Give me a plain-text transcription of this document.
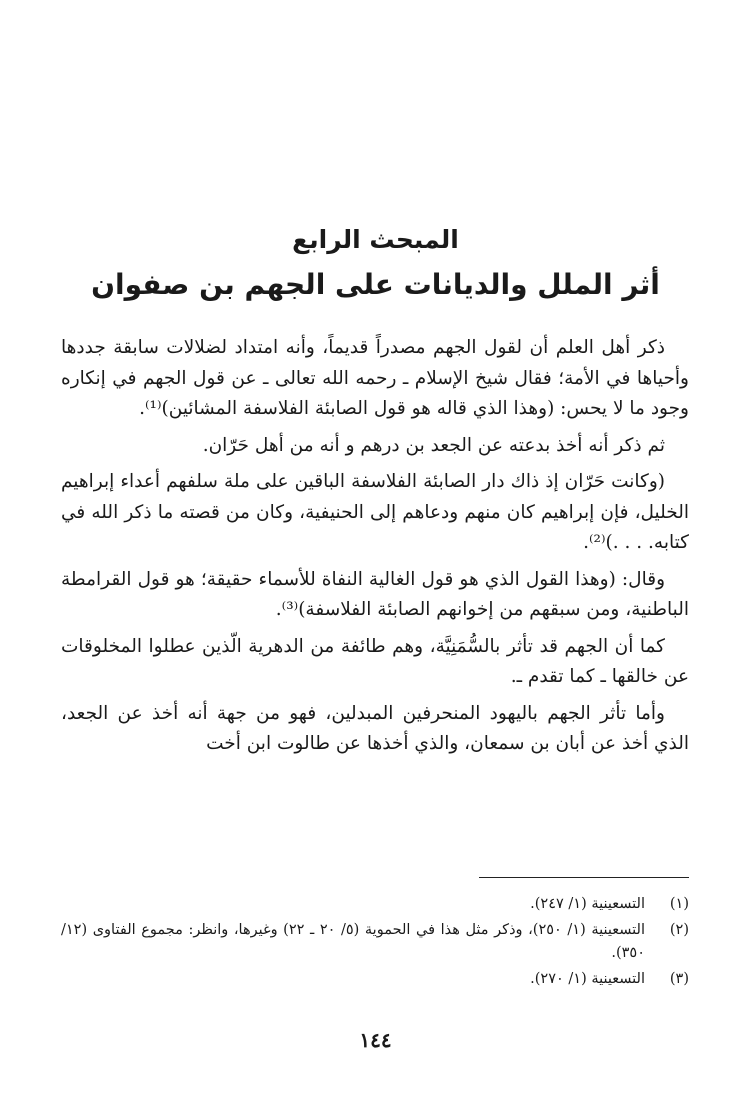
المبحث الرابع
أثر الملل والديانات على الجهم بن صفوان

ذكر أهل العلم أن لقول الجهم مصدراً قديماً، وأنه امتداد لضلالات سابقة جددها وأحياها في الأمة؛ فقال شيخ الإسلام ـ رحمه الله تعالى ـ عن قول الجهم في إنكاره وجود ما لا يحس: (وهذا الذي قاله هو قول الصابئة الفلاسفة المشائين)⁽¹⁾.

ثم ذكر أنه أخذ بدعته عن الجعد بن درهم و أنه من أهل حَرّان.

(وكانت حَرّان إذ ذاك دار الصابئة الفلاسفة الباقين على ملة سلفهم أعداء إبراهيم الخليل، فإن إبراهيم كان منهم ودعاهم إلى الحنيفية، وكان من قصته ما ذكر الله في كتابه. . . .)⁽²⁾.

وقال: (وهذا القول الذي هو قول الغالية النفاة للأسماء حقيقة؛ هو قول القرامطة الباطنية، ومن سبقهم من إخوانهم الصابئة الفلاسفة)⁽³⁾.

كما أن الجهم قد تأثر بالسُّمَنِيَّة، وهم طائفة من الدهرية الّذين عطلوا المخلوقات عن خالقها ـ كما تقدم ـ.

وأما تأثر الجهم باليهود المنحرفين المبدلين، فهو من جهة أنه أخذ عن الجعد، الذي أخذ عن أبان بن سمعان، والذي أخذها عن طالوت ابن أخت

(١)
التسعينية (١/ ٢٤٧).
(٢)
التسعينية (١/ ٢٥٠)، وذكر مثل هذا في الحموية (٥/ ٢٠ ـ ٢٢) وغيرها، وانظر: مجموع الفتاوى (١٢/ ٣٥٠).
(٣)
التسعينية (١/ ٢٧٠).
١٤٤
